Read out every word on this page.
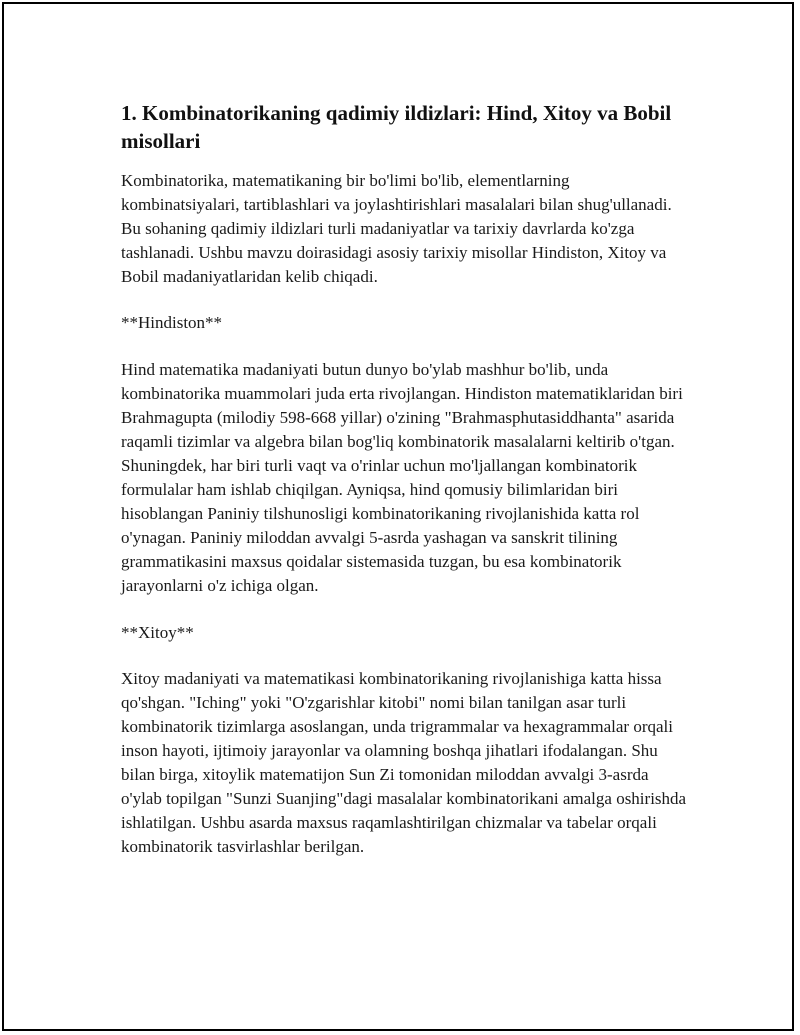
1. Kombinatorikaning qadimiy ildizlari: Hind, Xitoy va Bobil misollari

Kombinatorika, matematikaning bir bo'limi bo'lib, elementlarning kombinatsiyalari, tartiblashlari va joylashtirishlari masalalari bilan shug'ullanadi. Bu sohaning qadimiy ildizlari turli madaniyatlar va tarixiy davrlarda ko'zga tashlanadi. Ushbu mavzu doirasidagi asosiy tarixiy misollar Hindiston, Xitoy va Bobil madaniyatlaridan kelib chiqadi.

**Hindiston**

Hind matematika madaniyati butun dunyo bo'ylab mashhur bo'lib, unda kombinatorika muammolari juda erta rivojlangan. Hindiston matematiklaridan biri Brahmagupta (milodiy 598-668 yillar) o'zining "Brahmasphutasiddhanta" asarida raqamli tizimlar va algebra bilan bog'liq kombinatorik masalalarni keltirib o'tgan. Shuningdek, har biri turli vaqt va o'rinlar uchun mo'ljallangan kombinatorik formulalar ham ishlab chiqilgan. Ayniqsa, hind qomusiy bilimlaridan biri hisoblangan Paniniy tilshunosligi kombinatorikaning rivojlanishida katta rol o'ynagan. Paniniy miloddan avvalgi 5-asrda yashagan va sanskrit tilining grammatikasini maxsus qoidalar sistemasida tuzgan, bu esa kombinatorik jarayonlarni o'z ichiga olgan.

**Xitoy**

Xitoy madaniyati va matematikasi kombinatorikaning rivojlanishiga katta hissa qo'shgan. "Iching" yoki "O'zgarishlar kitobi" nomi bilan tanilgan asar turli kombinatorik tizimlarga asoslangan, unda trigrammalar va hexagrammalar orqali inson hayoti, ijtimoiy jarayonlar va olamning boshqa jihatlari ifodalangan. Shu bilan birga, xitoylik matematijon Sun Zi tomonidan miloddan avvalgi 3-asrda o'ylab topilgan "Sunzi Suanjing"dagi masalalar kombinatorikani amalga oshirishda ishlatilgan. Ushbu asarda maxsus raqamlashtirilgan chizmalar va tabelar orqali kombinatorik tasvirlashlar berilgan.
